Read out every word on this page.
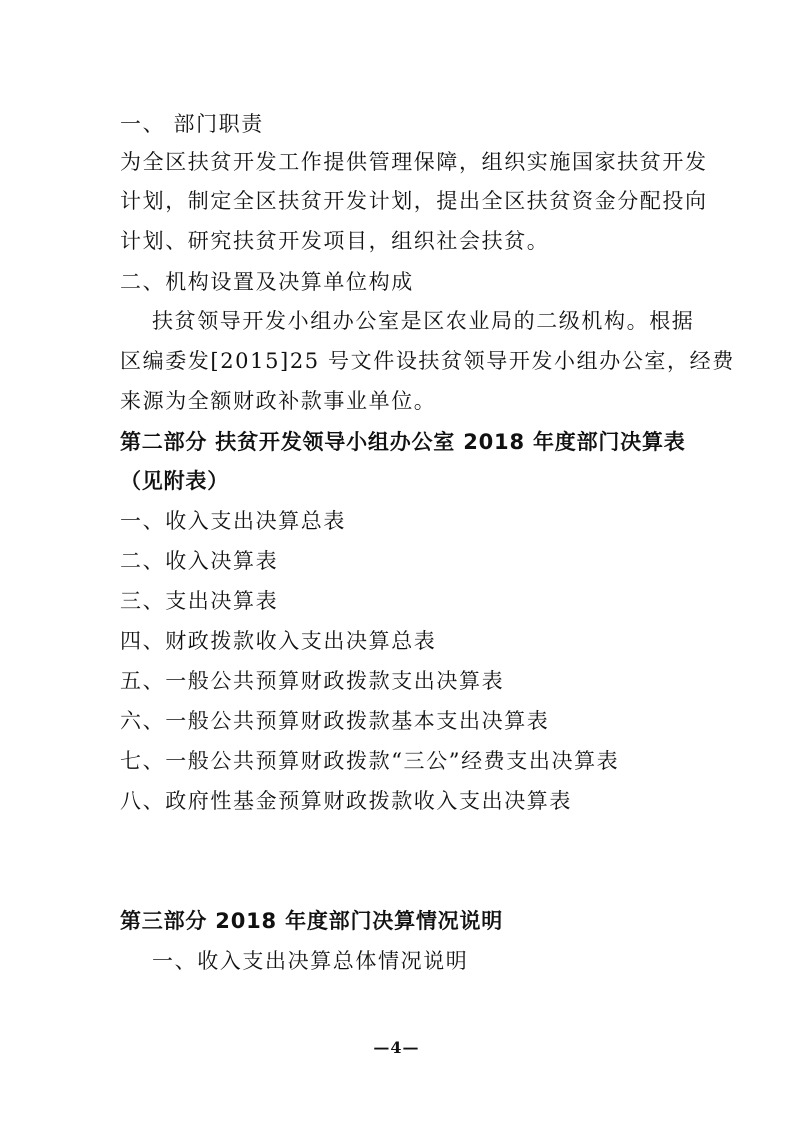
一、 部门职责
为全区扶贫开发工作提供管理保障，组织实施国家扶贫开发
计划，制定全区扶贫开发计划，提出全区扶贫资金分配投向
计划、研究扶贫开发项目，组织社会扶贫。
二、机构设置及决算单位构成
扶贫领导开发小组办公室是区农业局的二级机构。根据
区编委发[2015]25 号文件设扶贫领导开发小组办公室，经费
来源为全额财政补款事业单位。
第二部分 扶贫开发领导小组办公室 2018 年度部门决算表
（见附表）
一、收入支出决算总表
二、收入决算表
三、支出决算表
四、财政拨款收入支出决算总表
五、一般公共预算财政拨款支出决算表
六、一般公共预算财政拨款基本支出决算表
七、一般公共预算财政拨款“三公”经费支出决算表
八、政府性基金预算财政拨款收入支出决算表
第三部分 2018 年度部门决算情况说明
一、收入支出决算总体情况说明
—4—
